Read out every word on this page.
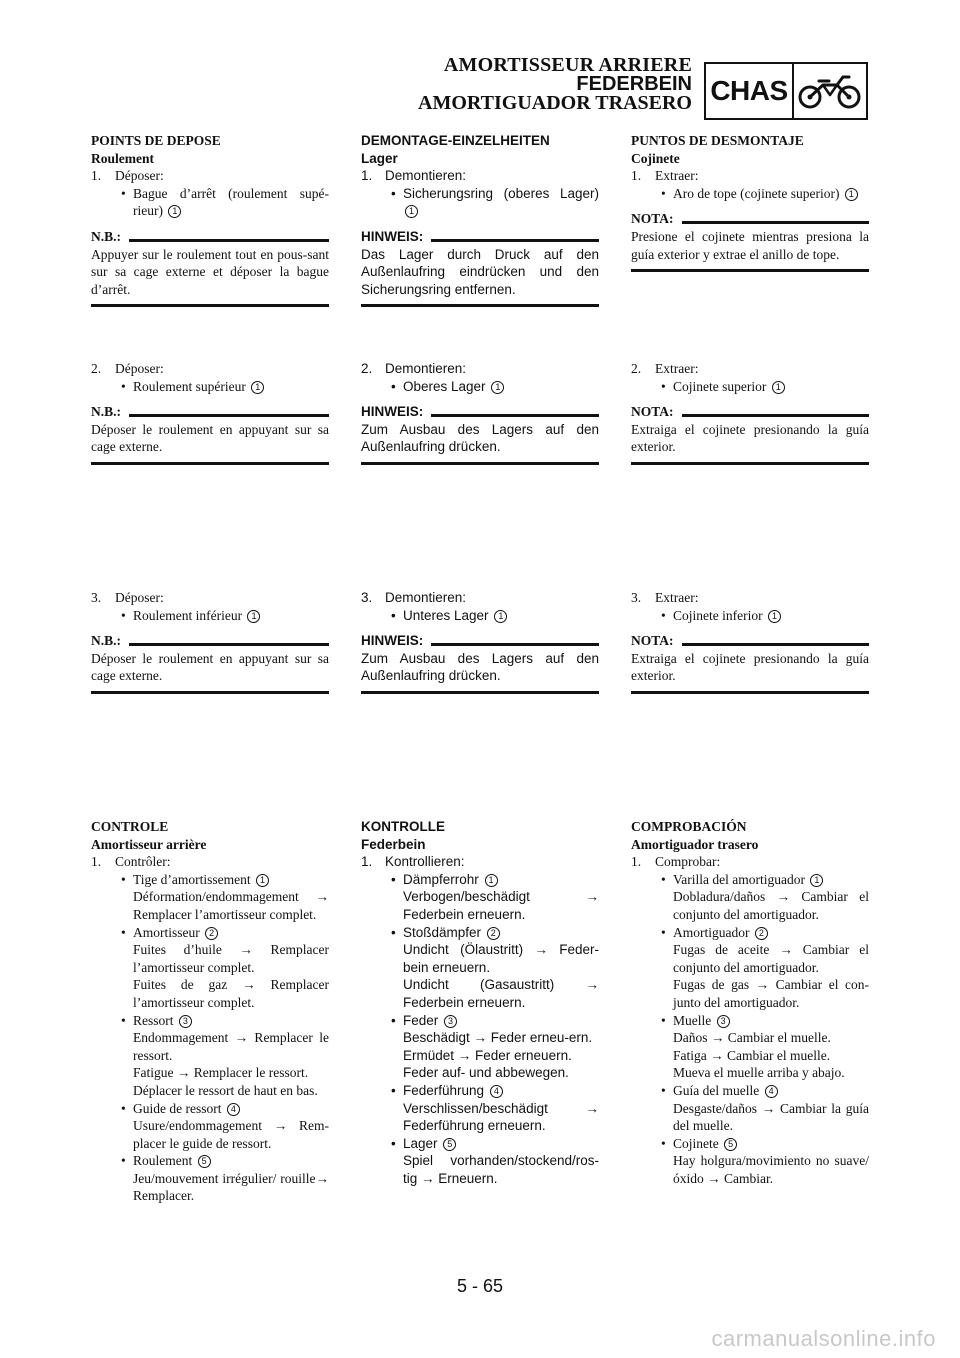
AMORTISSEUR ARRIERE
FEDERBEIN
AMORTIGUADOR TRASERO CHAS
POINTS DE DEPOSE
Roulement
1.	Déposer:
• Bague d’arrêt (roulement supé-rieur) 1
N.B.:
Appuyer sur le roulement tout en pous-sant sur sa cage externe et déposer la bague d’arrêt.
2.	Déposer:
• Roulement supérieur 1
N.B.:
Déposer le roulement en appuyant sur sa cage externe.
3.	Déposer:
• Roulement inférieur 1
N.B.:
Déposer le roulement en appuyant sur sa cage externe.
CONTROLE
Amortisseur arrière
1.	Contrôler:
• Tige d’amortissement 1
Déformation/endommagement → Remplacer l’amortisseur complet.
• Amortisseur 2
Fuites d’huile → Remplacer l’amortisseur complet.
Fuites de gaz → Remplacer l’amortisseur complet.
• Ressort 3
Endommagement → Remplacer le ressort.
Fatigue → Remplacer le ressort.
Déplacer le ressort de haut en bas.
• Guide de ressort 4
Usure/endommagement → Rem-placer le guide de ressort.
• Roulement 5
Jeu/mouvement irrégulier/ rouille→ Remplacer.
DEMONTAGE-EINZELHEITEN
Lager
1. Demontieren:
• Sicherungsring (oberes Lager) 1
HINWEIS:
Das Lager durch Druck auf den Außenlaufring eindrücken und den Sicherungsring entfernen.
2. Demontieren:
• Oberes Lager 1
HINWEIS:
Zum Ausbau des Lagers auf den Außenlaufring drücken.
3. Demontieren:
• Unteres Lager 1
HINWEIS:
Zum Ausbau des Lagers auf den Außenlaufring drücken.
KONTROLLE
Federbein
1. Kontrollieren:
• Dämpferrohr 1
Verbogen/beschädigt → Federbein erneuern.
• Stoßdämpfer 2
Undicht (Ölaustritt) → Feder-bein erneuern.
Undicht (Gasaustritt) → Federbein erneuern.
• Feder 3
Beschädigt → Feder erneu-ern.
Ermüdet → Feder erneuern.
Feder auf- und abbewegen.
• Federführung 4
Verschlissen/beschädigt → Federführung erneuern.
• Lager 5
Spiel vorhanden/stockend/ros-tig → Erneuern.
PUNTOS DE DESMONTAJE
Cojinete
1.	Extraer:
• Aro de tope (cojinete superior) 1
NOTA:
Presione el cojinete mientras presiona la guía exterior y extrae el anillo de tope.
2.	Extraer:
• Cojinete superior 1
NOTA:
Extraiga el cojinete presionando la guía exterior.
3.	Extraer:
• Cojinete inferior 1
NOTA:
Extraiga el cojinete presionando la guía exterior.
COMPROBACIÓN
Amortiguador trasero
1.	Comprobar:
• Varilla del amortiguador 1
Dobladura/daños → Cambiar el conjunto del amortiguador.
• Amortiguador 2
Fugas de aceite → Cambiar el conjunto del amortiguador.
Fugas de gas → Cambiar el con-junto del amortiguador.
• Muelle 3
Daños → Cambiar el muelle.
Fatiga → Cambiar el muelle.
Mueva el muelle arriba y abajo.
• Guía del muelle 4
Desgaste/daños → Cambiar la guía del muelle.
• Cojinete 5
Hay holgura/movimiento no suave/óxido → Cambiar.
5 - 65
carmanualsonline.info
